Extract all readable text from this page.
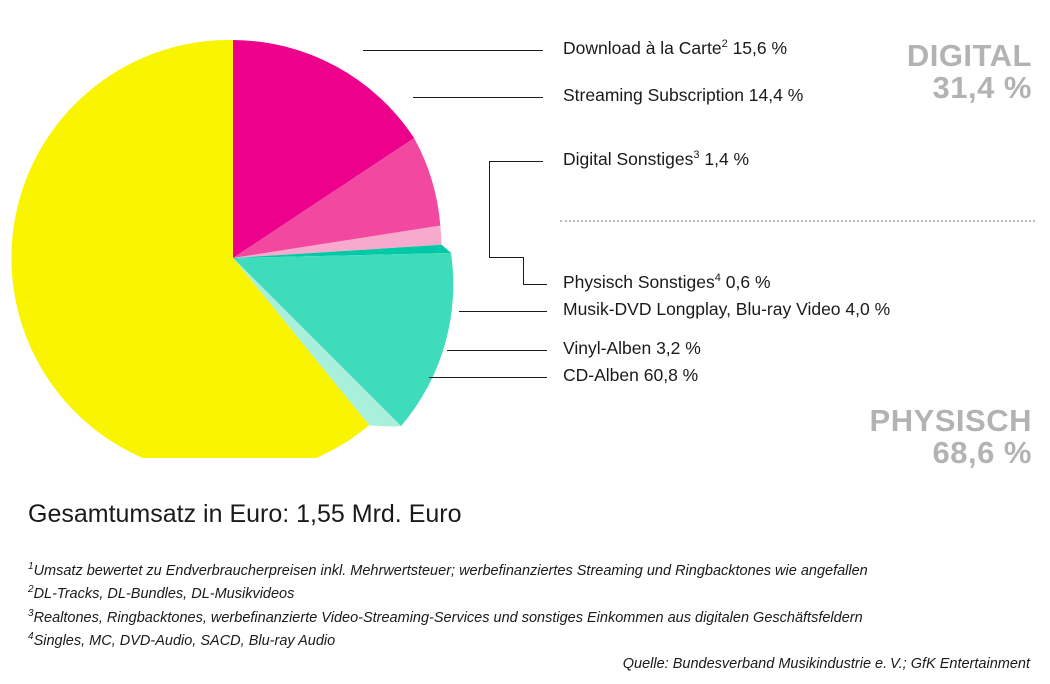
Download à la Carte$^2$ 15,6 %
Streaming Subscription 14,4 %
Digital Sonstiges$^3$ 1,4 %
Physisch Sonstiges$^4$ 0,6 %
Musik-DVD Longplay, Blu-ray Video 4,0 %
Vinyl-Alben 3,2 %
CD-Alben 60,8 %
DIGITAL
31,4 %
PHYSISCH
68,6 %
Gesamtumsatz in Euro: 1,55 Mrd. Euro
$^1$Umsatz bewertet zu Endverbraucherpreisen inkl. Mehrwertsteuer; werbefinanziertes Streaming und Ringbacktones wie angefallen
$^2$DL-Tracks, DL-Bundles, DL-Musikvideos
$^3$Realtones, Ringbacktones, werbefinanzierte Video-Streaming-Services und sonstiges Einkommen aus digitalen Geschäftsfeldern
$^4$Singles, MC, DVD-Audio, SACD, Blu-ray Audio
Quelle: Bundesverband Musikindustrie e. V.; GfK Entertainment
